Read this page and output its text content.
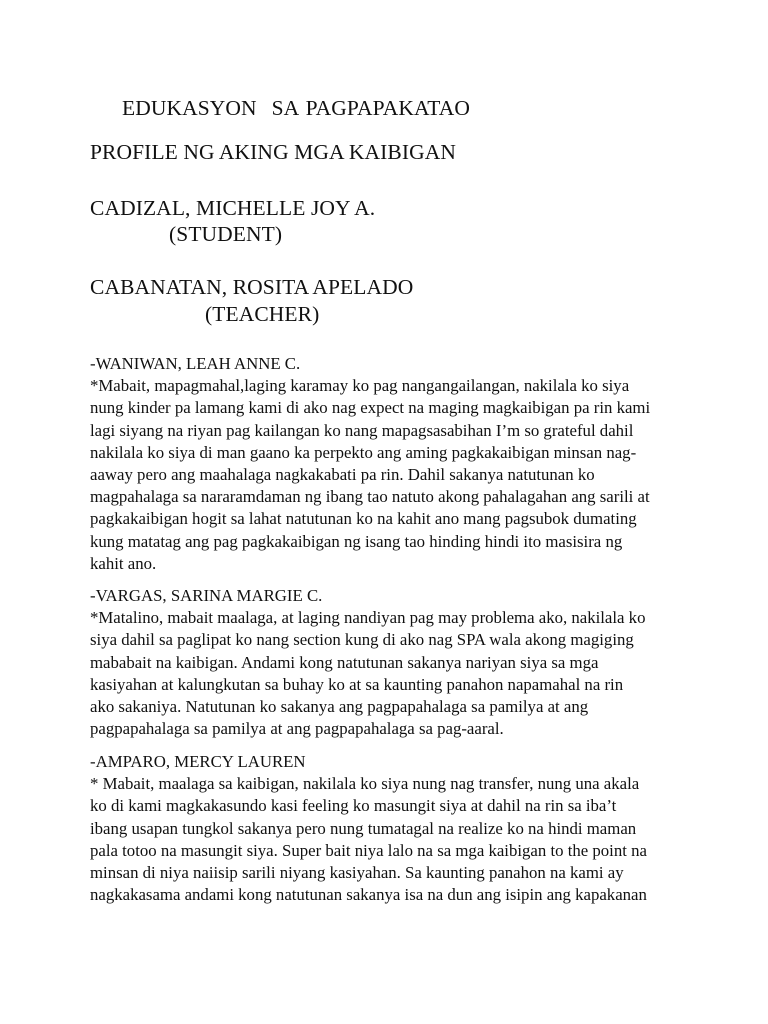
EDUKASYON  SA PAGPAPAKATAO
PROFILE NG AKING MGA KAIBIGAN
CADIZAL, MICHELLE JOY A.
(STUDENT)
CABANATAN, ROSITA APELADO
(TEACHER)

-WANIWAN, LEAH ANNE C.

*Mabait, mapagmahal,laging karamay ko pag nangangailangan, nakilala ko siya

nung kinder pa lamang kami di ako nag expect na maging magkaibigan pa rin kami

lagi siyang na riyan pag kailangan ko nang mapagsasabihan I’m so grateful dahil

nakilala ko siya di man gaano ka perpekto ang aming pagkakaibigan minsan nag-

aaway pero ang maahalaga nagkakabati pa rin. Dahil sakanya natutunan ko

magpahalaga sa nararamdaman ng ibang tao natuto akong pahalagahan ang sarili at

pagkakaibigan hogit sa lahat natutunan ko na kahit ano mang pagsubok dumating

kung matatag ang pag pagkakaibigan ng isang tao hinding hindi ito masisira ng

kahit ano.

-VARGAS, SARINA MARGIE C.

*Matalino, mabait maalaga, at laging nandiyan pag may problema ako, nakilala ko

siya dahil sa paglipat ko nang section kung di ako nag SPA wala akong magiging

mababait na kaibigan. Andami kong natutunan sakanya nariyan siya sa mga

kasiyahan at kalungkutan sa buhay ko at sa kaunting panahon napamahal na rin

ako sakaniya. Natutunan ko sakanya ang pagpapahalaga sa pamilya at ang

pagpapahalaga sa pamilya at ang pagpapahalaga sa pag-aaral.

-AMPARO, MERCY LAUREN

* Mabait, maalaga sa kaibigan, nakilala ko siya nung nag transfer, nung una akala

ko di kami magkakasundo kasi feeling ko masungit siya at dahil na rin sa iba’t

ibang usapan tungkol sakanya pero nung tumatagal na realize ko na hindi maman

pala totoo na masungit siya. Super bait niya lalo na sa mga kaibigan to the point na

minsan di niya naiisip sarili niyang kasiyahan. Sa kaunting panahon na kami ay

nagkakasama andami kong natutunan sakanya isa na dun ang isipin ang kapakanan
